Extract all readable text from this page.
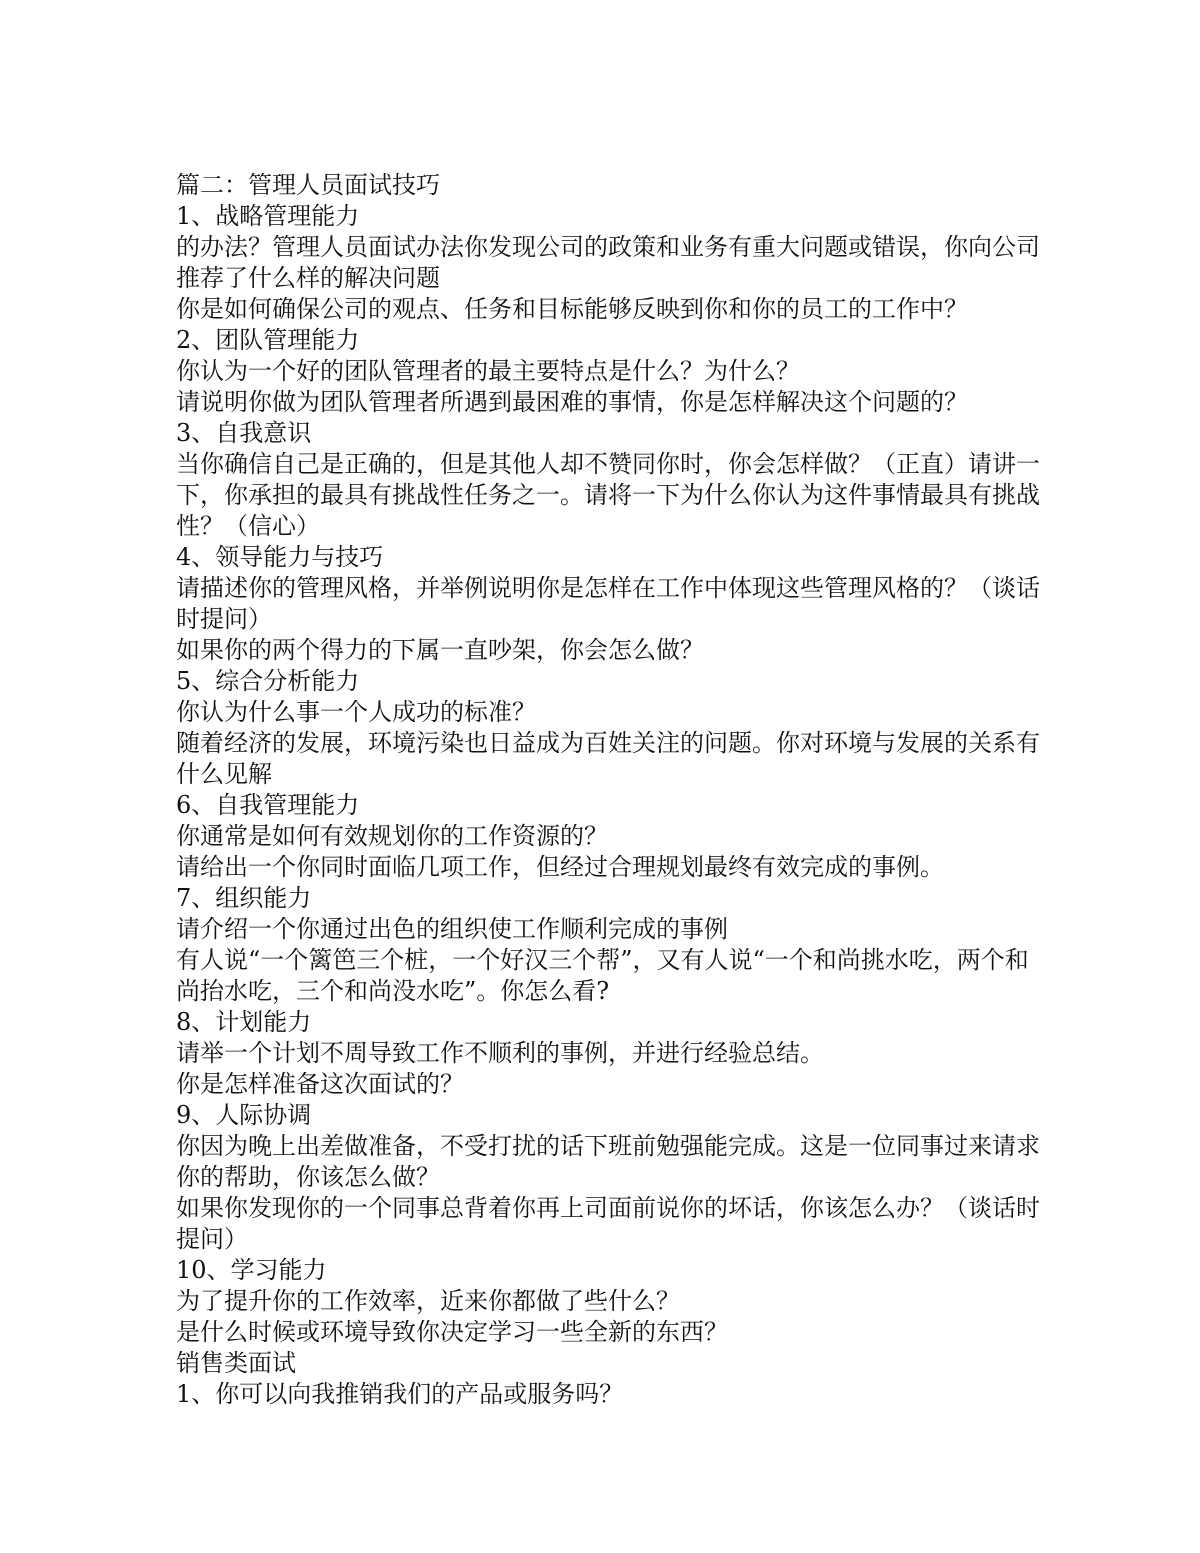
篇二：管理人员面试技巧
1、战略管理能力
的办法？管理人员面试办法你发现公司的政策和业务有重大问题或错误，你向公司
推荐了什么样的解决问题
你是如何确保公司的观点、任务和目标能够反映到你和你的员工的工作中？
2、团队管理能力
你认为一个好的团队管理者的最主要特点是什么？为什么？
请说明你做为团队管理者所遇到最困难的事情，你是怎样解决这个问题的？
3、自我意识
当你确信自己是正确的，但是其他人却不赞同你时，你会怎样做？（正直）请讲一
下，你承担的最具有挑战性任务之一。请将一下为什么你认为这件事情最具有挑战
性？（信心）
4、领导能力与技巧
请描述你的管理风格，并举例说明你是怎样在工作中体现这些管理风格的？（谈话
时提问）
如果你的两个得力的下属一直吵架，你会怎么做？
5、综合分析能力
你认为什么事一个人成功的标准？
随着经济的发展，环境污染也日益成为百姓关注的问题。你对环境与发展的关系有
什么见解
6、自我管理能力
你通常是如何有效规划你的工作资源的？
请给出一个你同时面临几项工作，但经过合理规划最终有效完成的事例。
7、组织能力
请介绍一个你通过出色的组织使工作顺利完成的事例
有人说“一个篱笆三个桩，一个好汉三个帮”，又有人说“一个和尚挑水吃，两个和
尚抬水吃，三个和尚没水吃”。你怎么看?
8、计划能力
请举一个计划不周导致工作不顺利的事例，并进行经验总结。
你是怎样准备这次面试的？
9、人际协调
你因为晚上出差做准备，不受打扰的话下班前勉强能完成。这是一位同事过来请求
你的帮助，你该怎么做？
如果你发现你的一个同事总背着你再上司面前说你的坏话，你该怎么办？（谈话时
提问）
10、学习能力
为了提升你的工作效率，近来你都做了些什么？
是什么时候或环境导致你决定学习一些全新的东西？
销售类面试
1、你可以向我推销我们的产品或服务吗？
